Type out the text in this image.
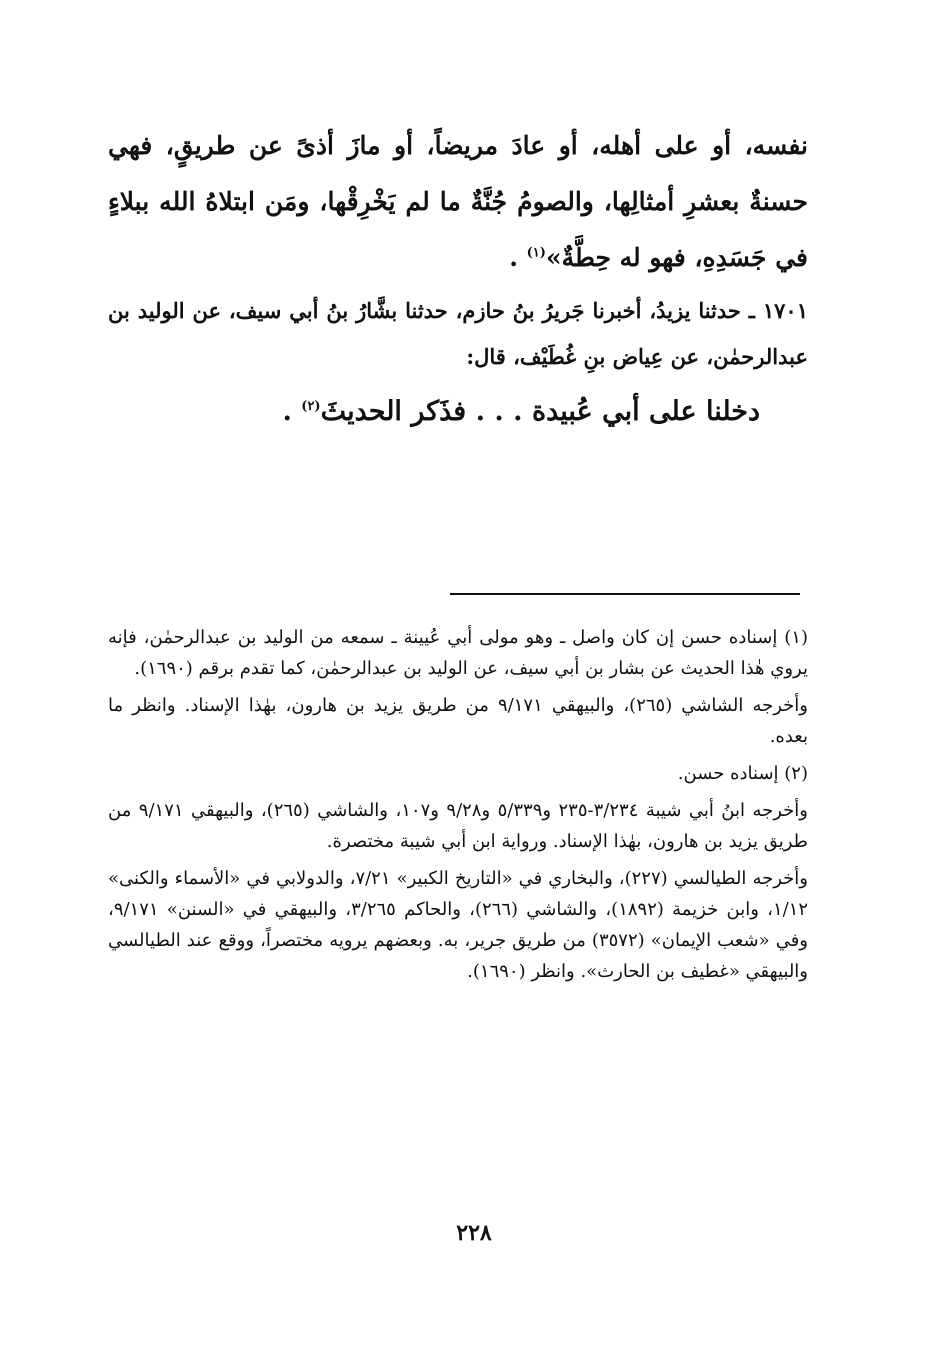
نفسه، أو على أهله، أو عادَ مريضاً، أو مازَ أذىً عن طريقٍ، فهي حسنةٌ بعشرِ أمثالِها، والصومُ جُنَّةٌ ما لم يَخْرِقْها، ومَن ابتلاهُ الله ببلاءٍ في جَسَدِهِ، فهو له حِطَّةٌ»$^{(١)}$ .

١٧٠١ ـ حدثنا يزيدُ، أخبرنا جَريرُ بنُ حازم، حدثنا بشَّارُ بنُ أبي سيف، عن الوليد بن عبدالرحمٰن، عن عِياض بنِ غُطَيْف، قال:

دخلنا على أبي عُبيدة . . . فذَكر الحديثَ$^{(٢)}$ .

(١) إسناده حسن إن كان واصل ـ وهو مولى أبي عُيينة ـ سمعه من الوليد بن عبدالرحمٰن، فإنه يروي هٰذا الحديث عن بشار بن أبي سيف، عن الوليد بن عبدالرحمٰن، كما تقدم برقم (١٦٩٠).

وأخرجه الشاشي (٢٦٥)، والبيهقي ٩/١٧١ من طريق يزيد بن هارون، بهٰذا الإسناد. وانظر ما بعده.

(٢) إسناده حسن.

وأخرجه ابنُ أبي شيبة ٣/٢٣٤-٢٣٥ و٥/٣٣٩ و٩/٢٨ و١٠٧، والشاشي (٢٦٥)، والبيهقي ٩/١٧١ من طريق يزيد بن هارون، بهٰذا الإسناد. ورواية ابن أبي شيبة مختصرة.

وأخرجه الطيالسي (٢٢٧)، والبخاري في «التاريخ الكبير» ٧/٢١، والدولابي في «الأسماء والكنى» ١/١٢، وابن خزيمة (١٨٩٢)، والشاشي (٢٦٦)، والحاكم ٣/٢٦٥، والبيهقي في «السنن» ٩/١٧١، وفي «شعب الإيمان» (٣٥٧٢) من طريق جرير، به. وبعضهم يرويه مختصراً، ووقع عند الطيالسي والبيهقي «غطيف بن الحارث». وانظر (١٦٩٠).

٢٢٨
